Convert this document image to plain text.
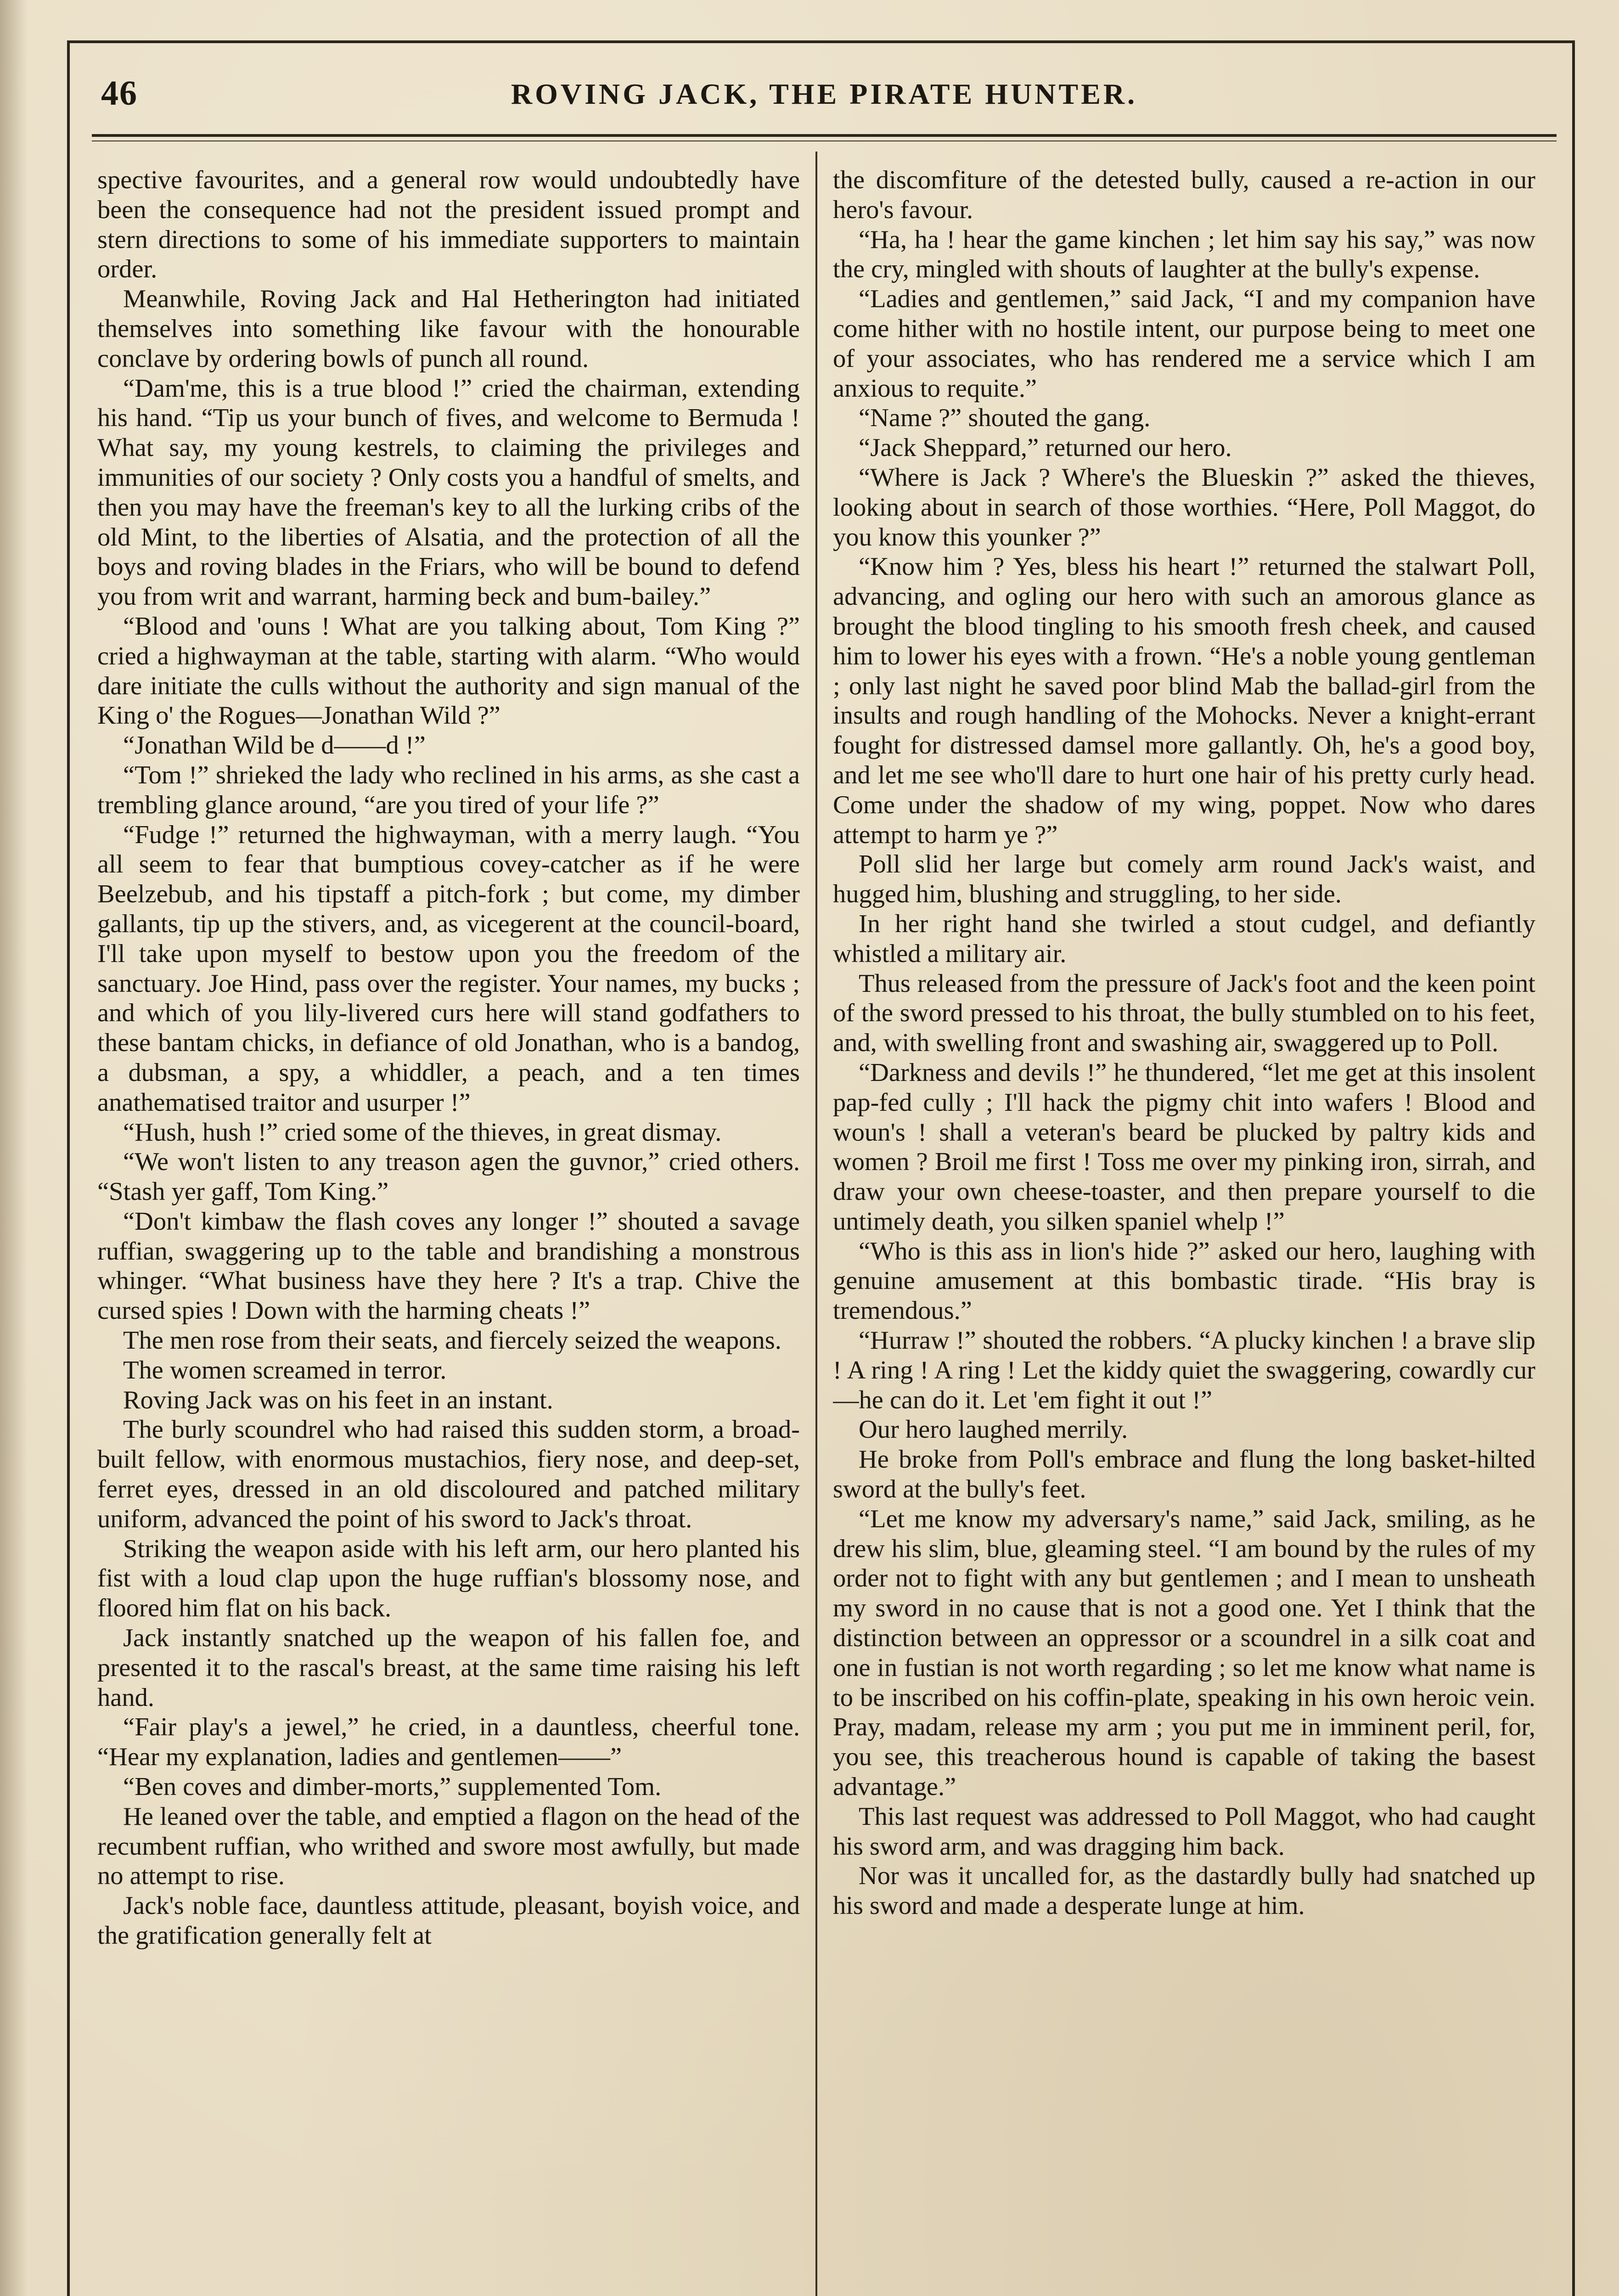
46	ROVING JACK, THE PIRATE HUNTER.

spective favourites, and a general row would undoubtedly have been the consequence had not the president issued prompt and stern directions to some of his immediate supporters to maintain order.

Meanwhile, Roving Jack and Hal Hetherington had initiated themselves into something like favour with the honourable conclave by ordering bowls of punch all round.

“Dam'me, this is a true blood !” cried the chairman, extending his hand. “Tip us your bunch of fives, and welcome to Bermuda ! What say, my young kestrels, to claiming the privileges and immunities of our society ? Only costs you a handful of smelts, and then you may have the freeman's key to all the lurking cribs of the old Mint, to the liberties of Alsatia, and the protection of all the boys and roving blades in the Friars, who will be bound to defend you from writ and warrant, harming beck and bum-bailey.”

“Blood and 'ouns ! What are you talking about, Tom King ?” cried a highwayman at the table, starting with alarm. “Who would dare initiate the culls without the authority and sign manual of the King o' the Rogues—Jonathan Wild ?”

“Jonathan Wild be d——d !”

“Tom !” shrieked the lady who reclined in his arms, as she cast a trembling glance around, “are you tired of your life ?”

“Fudge !” returned the highwayman, with a merry laugh. “You all seem to fear that bumptious covey-catcher as if he were Beelzebub, and his tipstaff a pitch-fork ; but come, my dimber gallants, tip up the stivers, and, as vicegerent at the council-board, I'll take upon myself to bestow upon you the freedom of the sanctuary. Joe Hind, pass over the register. Your names, my bucks ; and which of you lily-livered curs here will stand godfathers to these bantam chicks, in defiance of old Jonathan, who is a bandog, a dubsman, a spy, a whiddler, a peach, and a ten times anathematised traitor and usurper !”

“Hush, hush !” cried some of the thieves, in great dismay.

“We won't listen to any treason agen the guvnor,” cried others. “Stash yer gaff, Tom King.”

“Don't kimbaw the flash coves any longer !” shouted a savage ruffian, swaggering up to the table and brandishing a monstrous whinger. “What business have they here ? It's a trap. Chive the cursed spies ! Down with the harming cheats !”

The men rose from their seats, and fiercely seized the weapons.

The women screamed in terror.

Roving Jack was on his feet in an instant.

The burly scoundrel who had raised this sudden storm, a broad-built fellow, with enormous mustachios, fiery nose, and deep-set, ferret eyes, dressed in an old discoloured and patched military uniform, advanced the point of his sword to Jack's throat.

Striking the weapon aside with his left arm, our hero planted his fist with a loud clap upon the huge ruffian's blossomy nose, and floored him flat on his back.

Jack instantly snatched up the weapon of his fallen foe, and presented it to the rascal's breast, at the same time raising his left hand.

“Fair play's a jewel,” he cried, in a dauntless, cheerful tone. “Hear my explanation, ladies and gentlemen——”

“Ben coves and dimber-morts,” supplemented Tom.

He leaned over the table, and emptied a flagon on the head of the recumbent ruffian, who writhed and swore most awfully, but made no attempt to rise.

Jack's noble face, dauntless attitude, pleasant, boyish voice, and the gratification generally felt at

the discomfiture of the detested bully, caused a re-action in our hero's favour.

“Ha, ha ! hear the game kinchen ; let him say his say,” was now the cry, mingled with shouts of laughter at the bully's expense.

“Ladies and gentlemen,” said Jack, “I and my companion have come hither with no hostile intent, our purpose being to meet one of your associates, who has rendered me a service which I am anxious to requite.”

“Name ?” shouted the gang.

“Jack Sheppard,” returned our hero.

“Where is Jack ? Where's the Blueskin ?” asked the thieves, looking about in search of those worthies. “Here, Poll Maggot, do you know this younker ?”

“Know him ? Yes, bless his heart !” returned the stalwart Poll, advancing, and ogling our hero with such an amorous glance as brought the blood tingling to his smooth fresh cheek, and caused him to lower his eyes with a frown. “He's a noble young gentleman ; only last night he saved poor blind Mab the ballad-girl from the insults and rough handling of the Mohocks. Never a knight-errant fought for distressed damsel more gallantly. Oh, he's a good boy, and let me see who'll dare to hurt one hair of his pretty curly head. Come under the shadow of my wing, poppet. Now who dares attempt to harm ye ?”

Poll slid her large but comely arm round Jack's waist, and hugged him, blushing and struggling, to her side.

In her right hand she twirled a stout cudgel, and defiantly whistled a military air.

Thus released from the pressure of Jack's foot and the keen point of the sword pressed to his throat, the bully stumbled on to his feet, and, with swelling front and swashing air, swaggered up to Poll.

“Darkness and devils !” he thundered, “let me get at this insolent pap-fed cully ; I'll hack the pigmy chit into wafers ! Blood and woun's ! shall a veteran's beard be plucked by paltry kids and women ? Broil me first ! Toss me over my pinking iron, sirrah, and draw your own cheese-toaster, and then prepare yourself to die untimely death, you silken spaniel whelp !”

“Who is this ass in lion's hide ?” asked our hero, laughing with genuine amusement at this bombastic tirade. “His bray is tremendous.”

“Hurraw !” shouted the robbers. “A plucky kinchen ! a brave slip ! A ring ! A ring ! Let the kiddy quiet the swaggering, cowardly cur—he can do it. Let 'em fight it out !”

Our hero laughed merrily.

He broke from Poll's embrace and flung the long basket-hilted sword at the bully's feet.

“Let me know my adversary's name,” said Jack, smiling, as he drew his slim, blue, gleaming steel. “I am bound by the rules of my order not to fight with any but gentlemen ; and I mean to unsheath my sword in no cause that is not a good one. Yet I think that the distinction between an oppressor or a scoundrel in a silk coat and one in fustian is not worth regarding ; so let me know what name is to be inscribed on his coffin-plate, speaking in his own heroic vein. Pray, madam, release my arm ; you put me in imminent peril, for, you see, this treacherous hound is capable of taking the basest advantage.”

This last request was addressed to Poll Maggot, who had caught his sword arm, and was dragging him back.

Nor was it uncalled for, as the dastardly bully had snatched up his sword and made a desperate lunge at him.
